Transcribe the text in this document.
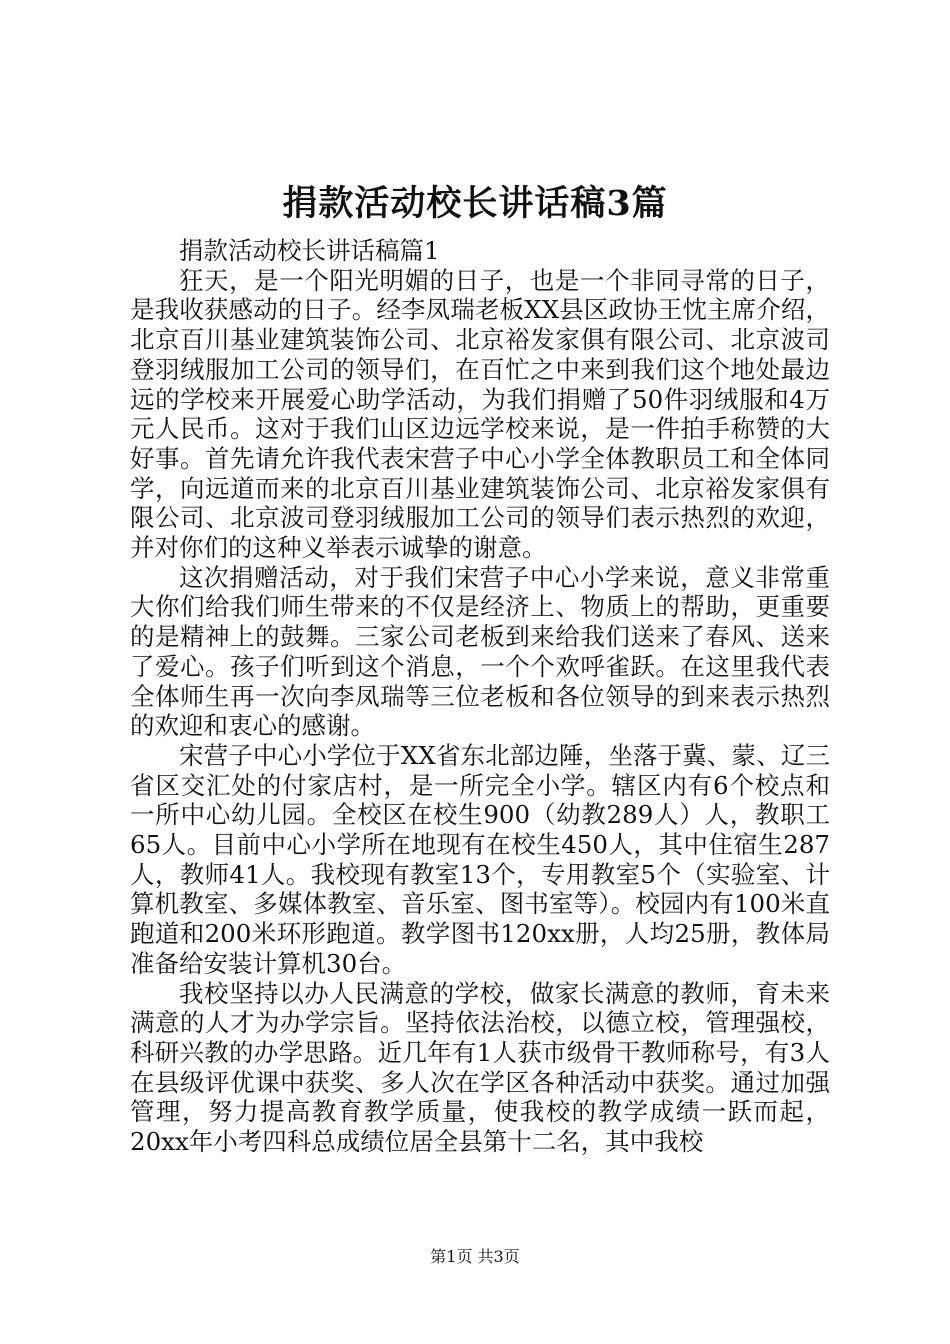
捐款活动校长讲话稿3篇

捐款活动校长讲话稿篇1

狂天，是一个阳光明媚的日子，也是一个非同寻常的日子，是我收获感动的日子。经李凤瑞老板XX县区政协王忱主席介绍，北京百川基业建筑装饰公司、北京裕发家俱有限公司、北京波司登羽绒服加工公司的领导们，在百忙之中来到我们这个地处最边远的学校来开展爱心助学活动，为我们捐赠了50件羽绒服和4万元人民币。这对于我们山区边远学校来说，是一件拍手称赞的大好事。首先请允许我代表宋营子中心小学全体教职员工和全体同学，向远道而来的北京百川基业建筑装饰公司、北京裕发家俱有限公司、北京波司登羽绒服加工公司的领导们表示热烈的欢迎，并对你们的这种义举表示诚挚的谢意。

这次捐赠活动，对于我们宋营子中心小学来说，意义非常重大你们给我们师生带来的不仅是经济上、物质上的帮助，更重要的是精神上的鼓舞。三家公司老板到来给我们送来了春风、送来了爱心。孩子们听到这个消息，一个个欢呼雀跃。在这里我代表全体师生再一次向李凤瑞等三位老板和各位领导的到来表示热烈的欢迎和衷心的感谢。

宋营子中心小学位于XX省东北部边陲，坐落于冀、蒙、辽三省区交汇处的付家店村，是一所完全小学。辖区内有6个校点和一所中心幼儿园。全校区在校生900（幼教289人）人，教职工65人。目前中心小学所在地现有在校生450人，其中住宿生287人，教师41人。我校现有教室13个，专用教室5个（实验室、计算机教室、多媒体教室、音乐室、图书室等）。校园内有100米直跑道和200米环形跑道。教学图书120xx册，人均25册，教体局准备给安装计算机30台。

我校坚持以办人民满意的学校，做家长满意的教师，育未来满意的人才为办学宗旨。坚持依法治校，以德立校，管理强校，科研兴教的办学思路。近几年有1人获市级骨干教师称号，有3人在县级评优课中获奖、多人次在学区各种活动中获奖。通过加强管理，努力提高教育教学质量，使我校的教学成绩一跃而起，20xx年小考四科总成绩位居全县第十二名，其中我校

第1页 共3页
